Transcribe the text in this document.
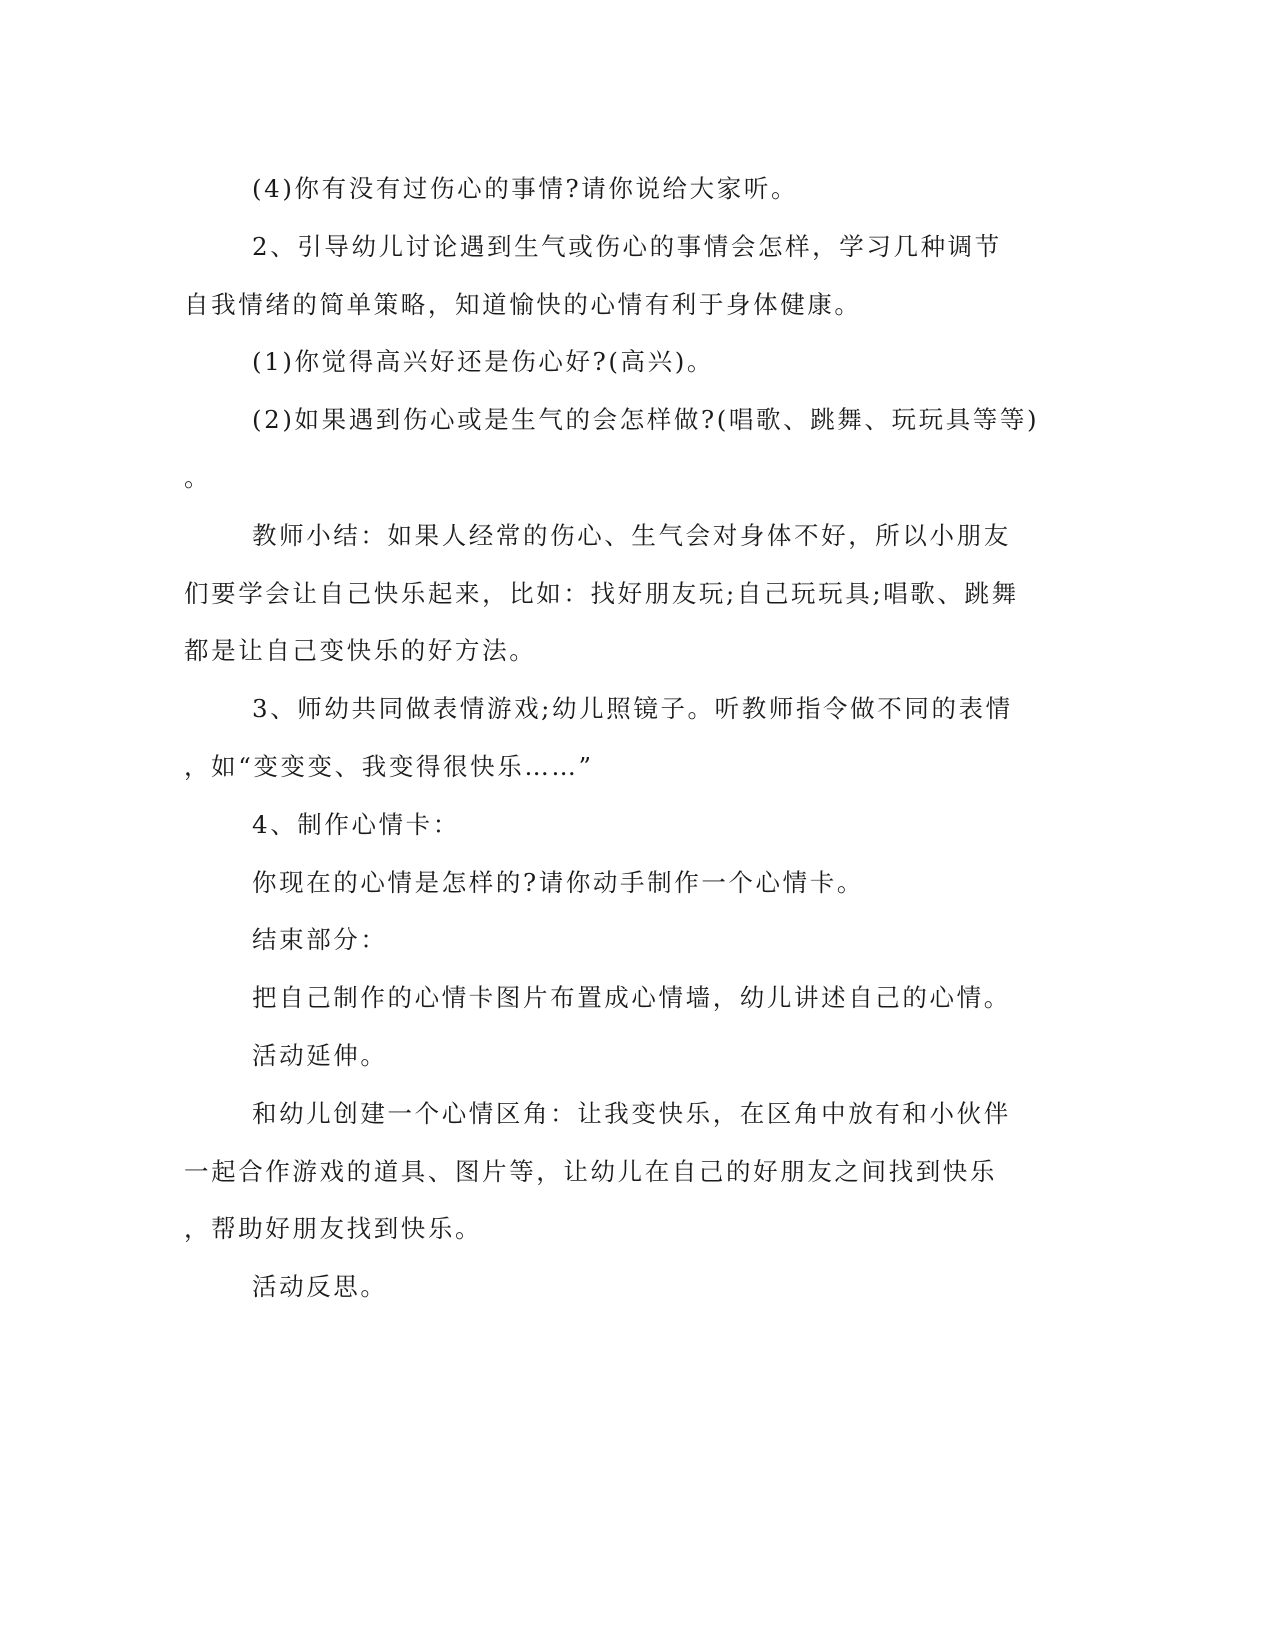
(4)你有没有过伤心的事情?请你说给大家听。
2、引导幼儿讨论遇到生气或伤心的事情会怎样，学习几种调节
自我情绪的简单策略，知道愉快的心情有利于身体健康。
(1)你觉得高兴好还是伤心好?(高兴)。
(2)如果遇到伤心或是生气的会怎样做?(唱歌、跳舞、玩玩具等等)
。
教师小结：如果人经常的伤心、生气会对身体不好，所以小朋友
们要学会让自己快乐起来，比如：找好朋友玩;自己玩玩具;唱歌、跳舞
都是让自己变快乐的好方法。
3、师幼共同做表情游戏;幼儿照镜子。听教师指令做不同的表情
，如“变变变、我变得很快乐……”
4、制作心情卡：
你现在的心情是怎样的?请你动手制作一个心情卡。
结束部分：
把自己制作的心情卡图片布置成心情墙，幼儿讲述自己的心情。
活动延伸。
和幼儿创建一个心情区角：让我变快乐，在区角中放有和小伙伴
一起合作游戏的道具、图片等，让幼儿在自己的好朋友之间找到快乐
，帮助好朋友找到快乐。
活动反思。
